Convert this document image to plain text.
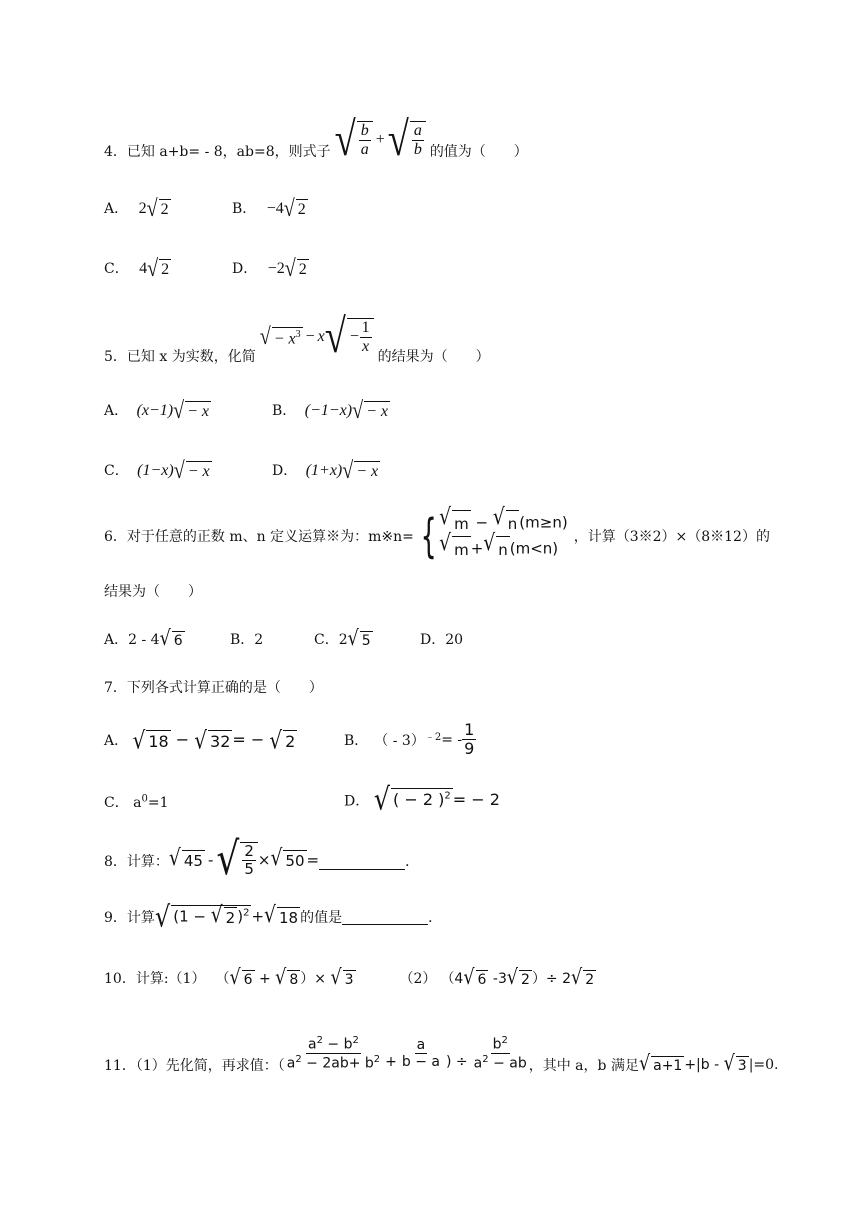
4．已知 a+b= - 8，ab=8，则式子 √ $\frac{b}{a}$ + √ $\frac{a}{b}$ 的值为（　　）
A． 2 √ 2	B． −4 √ 2
C． 4 √ 2	D． −2 √ 2
5．已知 x 为实数，化简
√ − $x^3 - x$ √ − $\frac{1}{x}$
的结果为（　　）
A． (x−1) √ − x	B． (−1−x) √ − x
C． (1−x) √ − x	D． (1+x) √ − x
6．对于任意的正数 m、n 定义运算※为：m※n= { √ m − √ n (m≥n)
√ m + √ n (m<n)
，计算（3※2）×（8※12）的
结果为（　　）
A．2 - 4 √ 6	B．2	C．2 √ 5	D．20
7．下列各式计算正确的是（　　）
A． √ 18 − √ 32 = − √ 2	B． （ - 3）$^{﹣2}$ = - $\frac{1}{9}$
C． $a^0=1$	D． √ ( − 2 )$^2$ = − 2
8．计算： √ 45 - √ $\frac{2}{5}$ × √ 50 =	．
9．计算 √ (1 − √ 2 )$^2$ + √ 18 的值是	．
10．计算:（1） （ √ 6 + √ 8 ）× √ 3	（2） （4 √ 6 -3 √ 2 ）÷ 2 √ 2
11．（1）先化简，再求值：（ $\frac{a^2 - b^2}{a^2 - 2ab+ b^2} + \frac{a}{b - a}$ ) ÷ $\frac{b^2}{a^2 - ab}$ ，其中 a，b 满足 √ a+1 +|b - √ 3 |=0.
